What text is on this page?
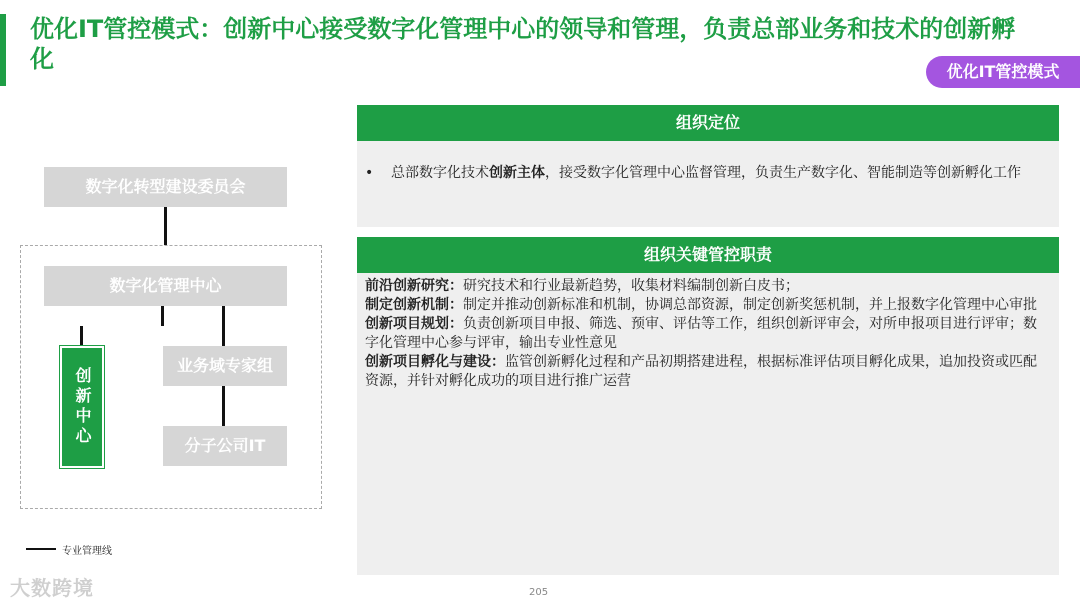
优化IT管控模式：创新中心接受数字化管理中心的领导和管理，负责总部业务和技术的创新孵化	优化IT管控模式
数字化转型建设委员会
数字化管理中心
创新中心
业务域专家组
分子公司IT
专业管理线
组织定位
•	总部数字化技术创新主体，接受数字化管理中心监督管理，负责生产数字化、智能制造等创新孵化工作
组织关键管控职责

前沿创新研究：研究技术和行业最新趋势，收集材料编制创新白皮书；

制定创新机制：制定并推动创新标准和机制，协调总部资源，制定创新奖惩机制，并上报数字化管理中心审批

创新项目规划：负责创新项目申报、筛选、预审、评估等工作，组织创新评审会，对所申报项目进行评审；数字化管理中心参与评审，输出专业性意见

创新项目孵化与建设：监管创新孵化过程和产品初期搭建进程，根据标准评估项目孵化成果，追加投资或匹配资源，并针对孵化成功的项目进行推广运营

大数跨境	205
